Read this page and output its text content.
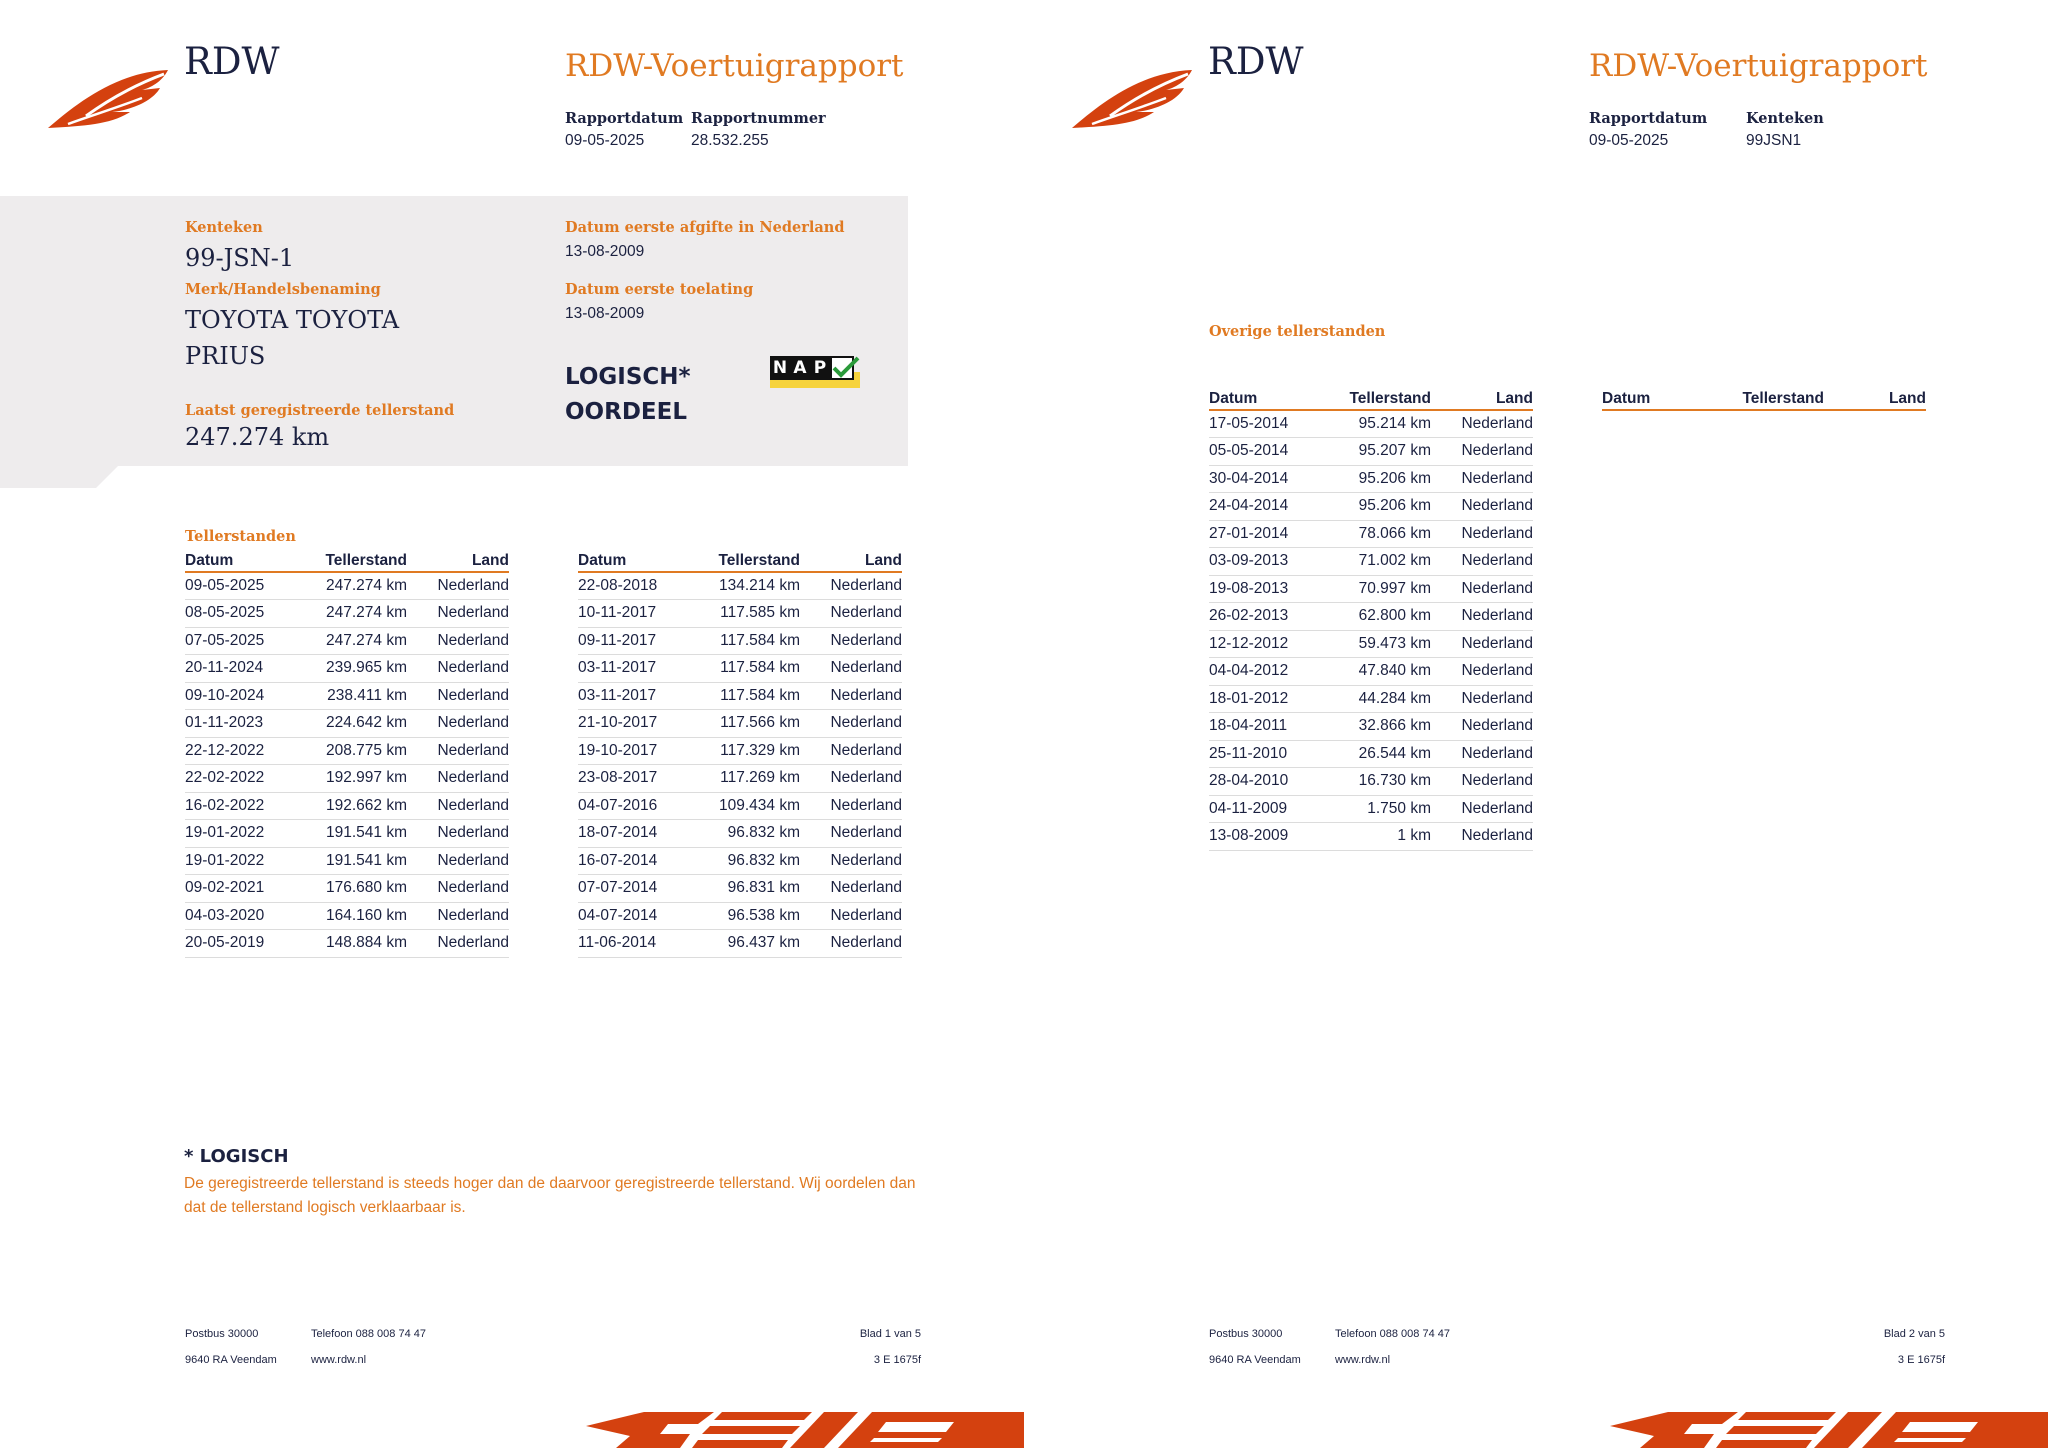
RDW	RDW-Voertuigrapport
Rapportdatum
09-05-2025
Rapportnummer
28.532.255
Kenteken
99-JSN-1
Merk/Handelsbenaming
TOYOTA TOYOTA
PRIUS
Laatst geregistreerde tellerstand
247.274 km
Datum eerste afgifte in Nederland
13-08-2009
Datum eerste toelating
13-08-2009
LOGISCH*
OORDEEL
N A P
Tellerstanden
Datum	Tellerstand	Land
09-05-2025	247.274 km	Nederland
08-05-2025	247.274 km	Nederland
07-05-2025	247.274 km	Nederland
20-11-2024	239.965 km	Nederland
09-10-2024	238.411 km	Nederland
01-11-2023	224.642 km	Nederland
22-12-2022	208.775 km	Nederland
22-02-2022	192.997 km	Nederland
16-02-2022	192.662 km	Nederland
19-01-2022	191.541 km	Nederland
19-01-2022	191.541 km	Nederland
09-02-2021	176.680 km	Nederland
04-03-2020	164.160 km	Nederland
20-05-2019	148.884 km	Nederland
Datum	Tellerstand	Land
22-08-2018	134.214 km	Nederland
10-11-2017	117.585 km	Nederland
09-11-2017	117.584 km	Nederland
03-11-2017	117.584 km	Nederland
03-11-2017	117.584 km	Nederland
21-10-2017	117.566 km	Nederland
19-10-2017	117.329 km	Nederland
23-08-2017	117.269 km	Nederland
04-07-2016	109.434 km	Nederland
18-07-2014	96.832 km	Nederland
16-07-2014	96.832 km	Nederland
07-07-2014	96.831 km	Nederland
04-07-2014	96.538 km	Nederland
11-06-2014	96.437 km	Nederland
* LOGISCH
De geregistreerde tellerstand is steeds hoger dan de daarvoor geregistreerde tellerstand. Wij oordelen dan dat de tellerstand logisch verklaarbaar is.
Postbus 30000
9640 RA Veendam
Telefoon 088 008 74 47
www.rdw.nl
Blad 1 van 5
3 E 1675f
RDW	RDW-Voertuigrapport
Rapportdatum
09-05-2025
Kenteken
99JSN1
Overige tellerstanden
Datum	Tellerstand	Land
17-05-2014	95.214 km	Nederland
05-05-2014	95.207 km	Nederland
30-04-2014	95.206 km	Nederland
24-04-2014	95.206 km	Nederland
27-01-2014	78.066 km	Nederland
03-09-2013	71.002 km	Nederland
19-08-2013	70.997 km	Nederland
26-02-2013	62.800 km	Nederland
12-12-2012	59.473 km	Nederland
04-04-2012	47.840 km	Nederland
18-01-2012	44.284 km	Nederland
18-04-2011	32.866 km	Nederland
25-11-2010	26.544 km	Nederland
28-04-2010	16.730 km	Nederland
04-11-2009	1.750 km	Nederland
13-08-2009	1 km	Nederland
Datum	Tellerstand	Land
Postbus 30000
9640 RA Veendam
Telefoon 088 008 74 47
www.rdw.nl
Blad 2 van 5
3 E 1675f
